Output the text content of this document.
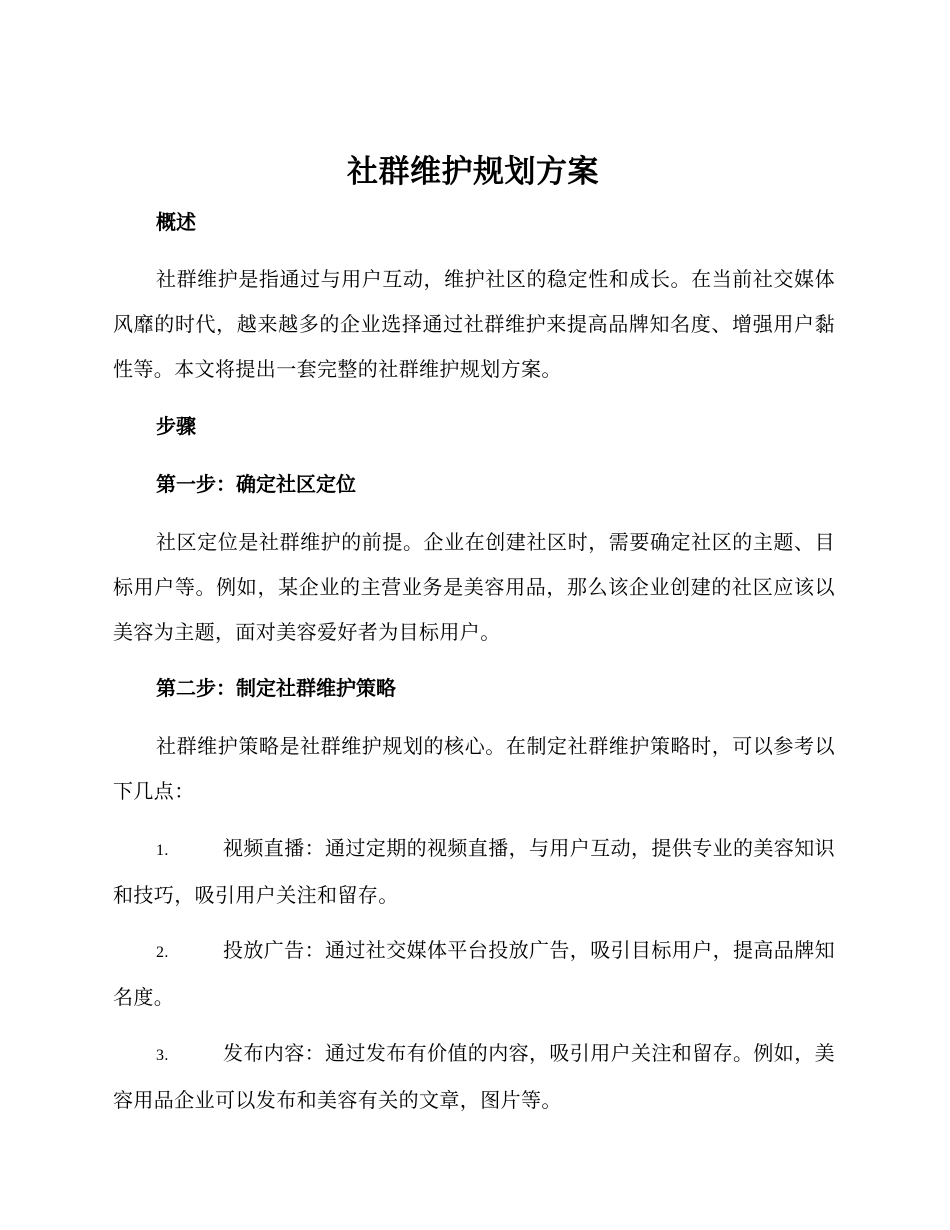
社群维护规划方案
概述
社群维护是指通过与用户互动，维护社区的稳定性和成长。在当前社交媒体风靡的时代，越来越多的企业选择通过社群维护来提高品牌知名度、增强用户黏性等。本文将提出一套完整的社群维护规划方案。
步骤
第一步：确定社区定位
社区定位是社群维护的前提。企业在创建社区时，需要确定社区的主题、目标用户等。例如，某企业的主营业务是美容用品，那么该企业创建的社区应该以美容为主题，面对美容爱好者为目标用户。
第二步：制定社群维护策略
社群维护策略是社群维护规划的核心。在制定社群维护策略时，可以参考以下几点：
1.	视频直播：通过定期的视频直播，与用户互动，提供专业的美容知识和技巧，吸引用户关注和留存。
2.	投放广告：通过社交媒体平台投放广告，吸引目标用户，提高品牌知名度。
3.	发布内容：通过发布有价值的内容，吸引用户关注和留存。例如，美容用品企业可以发布和美容有关的文章，图片等。
